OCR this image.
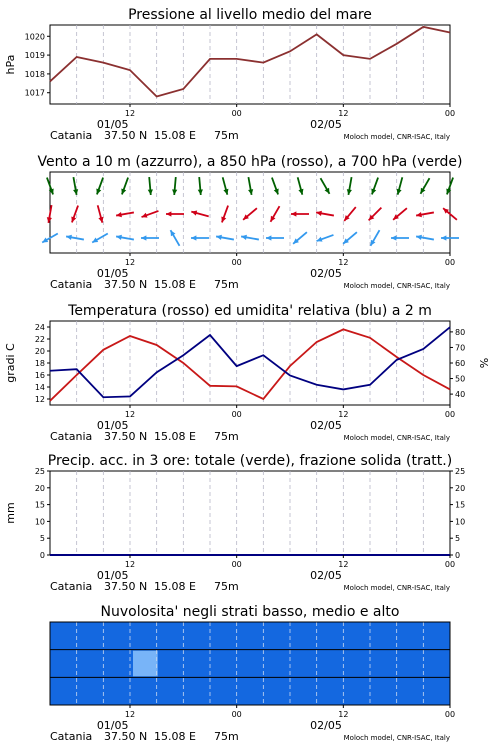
Pressione al livello medio del mare
1017
1018
1019
1020
hPa
12	00	12	00
01/05	02/05
Catania 37.50 N 15.08 E 75m	Moloch model, CNR-ISAC, Italy
Vento a 10 m (azzurro), a 850 hPa (rosso), a 700 hPa (verde)
12	00	12	00
01/05	02/05
Catania 37.50 N 15.08 E 75m	Moloch model, CNR-ISAC, Italy
Temperatura (rosso) ed umidita' relativa (blu) a 2 m
12
14
16
18
20
22
24
40
50
60
70
80
gradi C	%
12	00	12	00
01/05	02/05
Catania 37.50 N 15.08 E 75m	Moloch model, CNR-ISAC, Italy
Precip. acc. in 3 ore: totale (verde), frazione solida (tratt.)
0	0
5	5
10	10
15	15
20	20
25	25
mm
12	00	12	00
01/05	02/05
Catania 37.50 N 15.08 E 75m	Moloch model, CNR-ISAC, Italy
Nuvolosita' negli strati basso, medio e alto
12	00	12	00
01/05	02/05
Catania 37.50 N 15.08 E 75m	Moloch model, CNR-ISAC, Italy
